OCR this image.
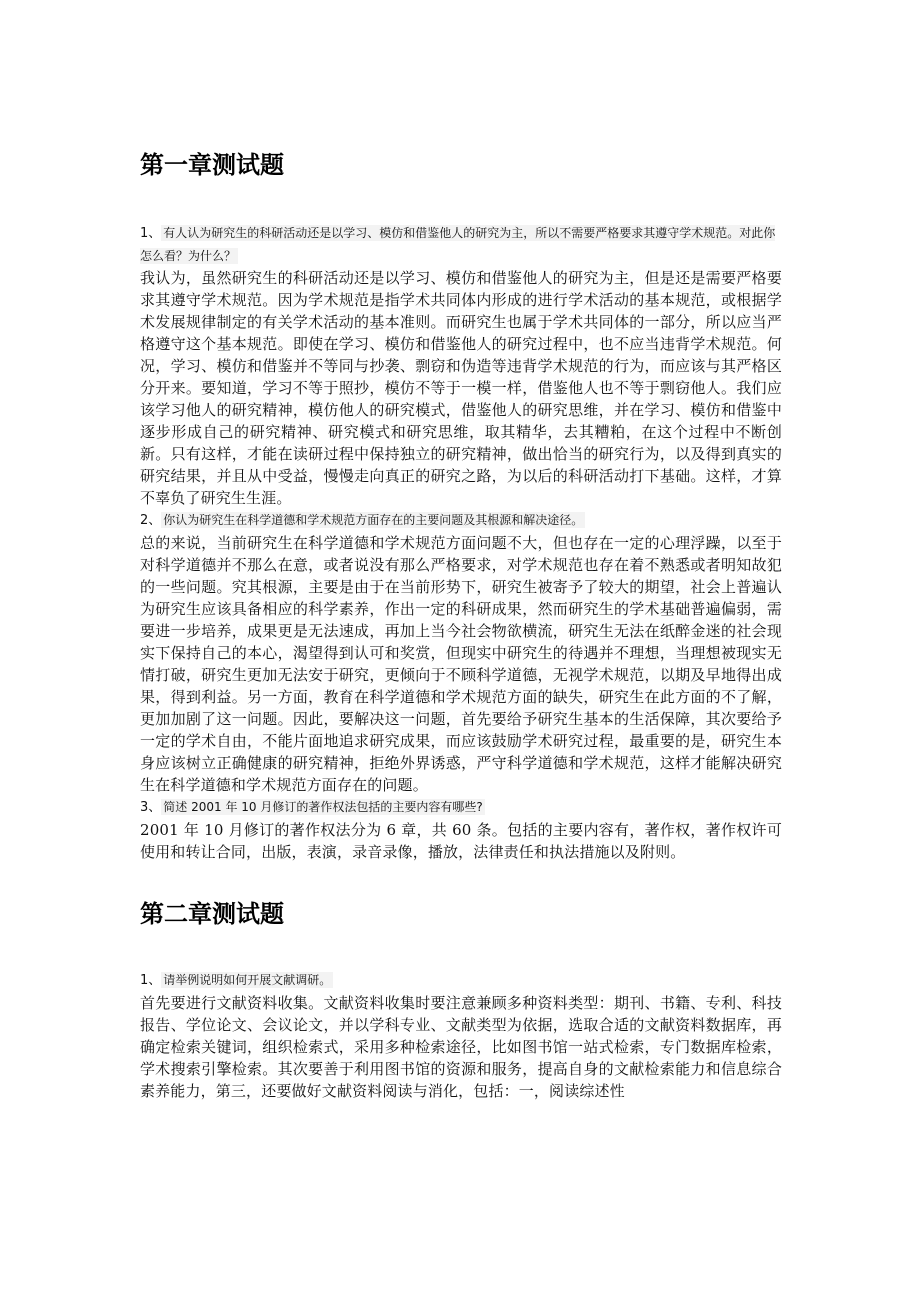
第一章测试题

1、 有人认为研究生的科研活动还是以学习、模仿和借鉴他人的研究为主，所以不需要严格要求其遵守学术规范。对此你怎么看？为什么？

我认为，虽然研究生的科研活动还是以学习、模仿和借鉴他人的研究为主，但是还是需要严格要求其遵守学术规范。因为学术规范是指学术共同体内形成的进行学术活动的基本规范，或根据学术发展规律制定的有关学术活动的基本准则。而研究生也属于学术共同体的一部分，所以应当严格遵守这个基本规范。即使在学习、模仿和借鉴他人的研究过程中，也不应当违背学术规范。何况，学习、模仿和借鉴并不等同与抄袭、剽窃和伪造等违背学术规范的行为，而应该与其严格区分开来。要知道，学习不等于照抄，模仿不等于一模一样，借鉴他人也不等于剽窃他人。我们应该学习他人的研究精神，模仿他人的研究模式，借鉴他人的研究思维，并在学习、模仿和借鉴中逐步形成自己的研究精神、研究模式和研究思维，取其精华，去其糟粕，在这个过程中不断创新。只有这样，才能在读研过程中保持独立的研究精神，做出恰当的研究行为，以及得到真实的研究结果，并且从中受益，慢慢走向真正的研究之路，为以后的科研活动打下基础。这样，才算不辜负了研究生生涯。

2、 你认为研究生在科学道德和学术规范方面存在的主要问题及其根源和解决途径。

总的来说，当前研究生在科学道德和学术规范方面问题不大，但也存在一定的心理浮躁，以至于对科学道德并不那么在意，或者说没有那么严格要求，对学术规范也存在着不熟悉或者明知故犯的一些问题。究其根源，主要是由于在当前形势下，研究生被寄予了较大的期望，社会上普遍认为研究生应该具备相应的科学素养，作出一定的科研成果，然而研究生的学术基础普遍偏弱，需要进一步培养，成果更是无法速成，再加上当今社会物欲横流，研究生无法在纸醉金迷的社会现实下保持自己的本心，渴望得到认可和奖赏，但现实中研究生的待遇并不理想，当理想被现实无情打破，研究生更加无法安于研究，更倾向于不顾科学道德，无视学术规范，以期及早地得出成果，得到利益。另一方面，教育在科学道德和学术规范方面的缺失，研究生在此方面的不了解，更加加剧了这一问题。因此，要解决这一问题，首先要给予研究生基本的生活保障，其次要给予一定的学术自由，不能片面地追求研究成果，而应该鼓励学术研究过程，最重要的是，研究生本身应该树立正确健康的研究精神，拒绝外界诱惑，严守科学道德和学术规范，这样才能解决研究生在科学道德和学术规范方面存在的问题。

3、 简述 2001 年 10 月修订的著作权法包括的主要内容有哪些?

2001 年 10 月修订的著作权法分为 6 章，共 60 条。包括的主要内容有，著作权，著作权许可使用和转让合同，出版，表演，录音录像，播放，法律责任和执法措施以及附则。

第二章测试题

1、 请举例说明如何开展文献调研。

首先要进行文献资料收集。文献资料收集时要注意兼顾多种资料类型：期刊、书籍、专利、科技报告、学位论文、会议论文，并以学科专业、文献类型为依据，选取合适的文献资料数据库，再确定检索关键词，组织检索式，采用多种检索途径，比如图书馆一站式检索，专门数据库检索，学术搜索引擎检索。其次要善于利用图书馆的资源和服务，提高自身的文献检索能力和信息综合素养能力，第三，还要做好文献资料阅读与消化，包括：一，阅读综述性
